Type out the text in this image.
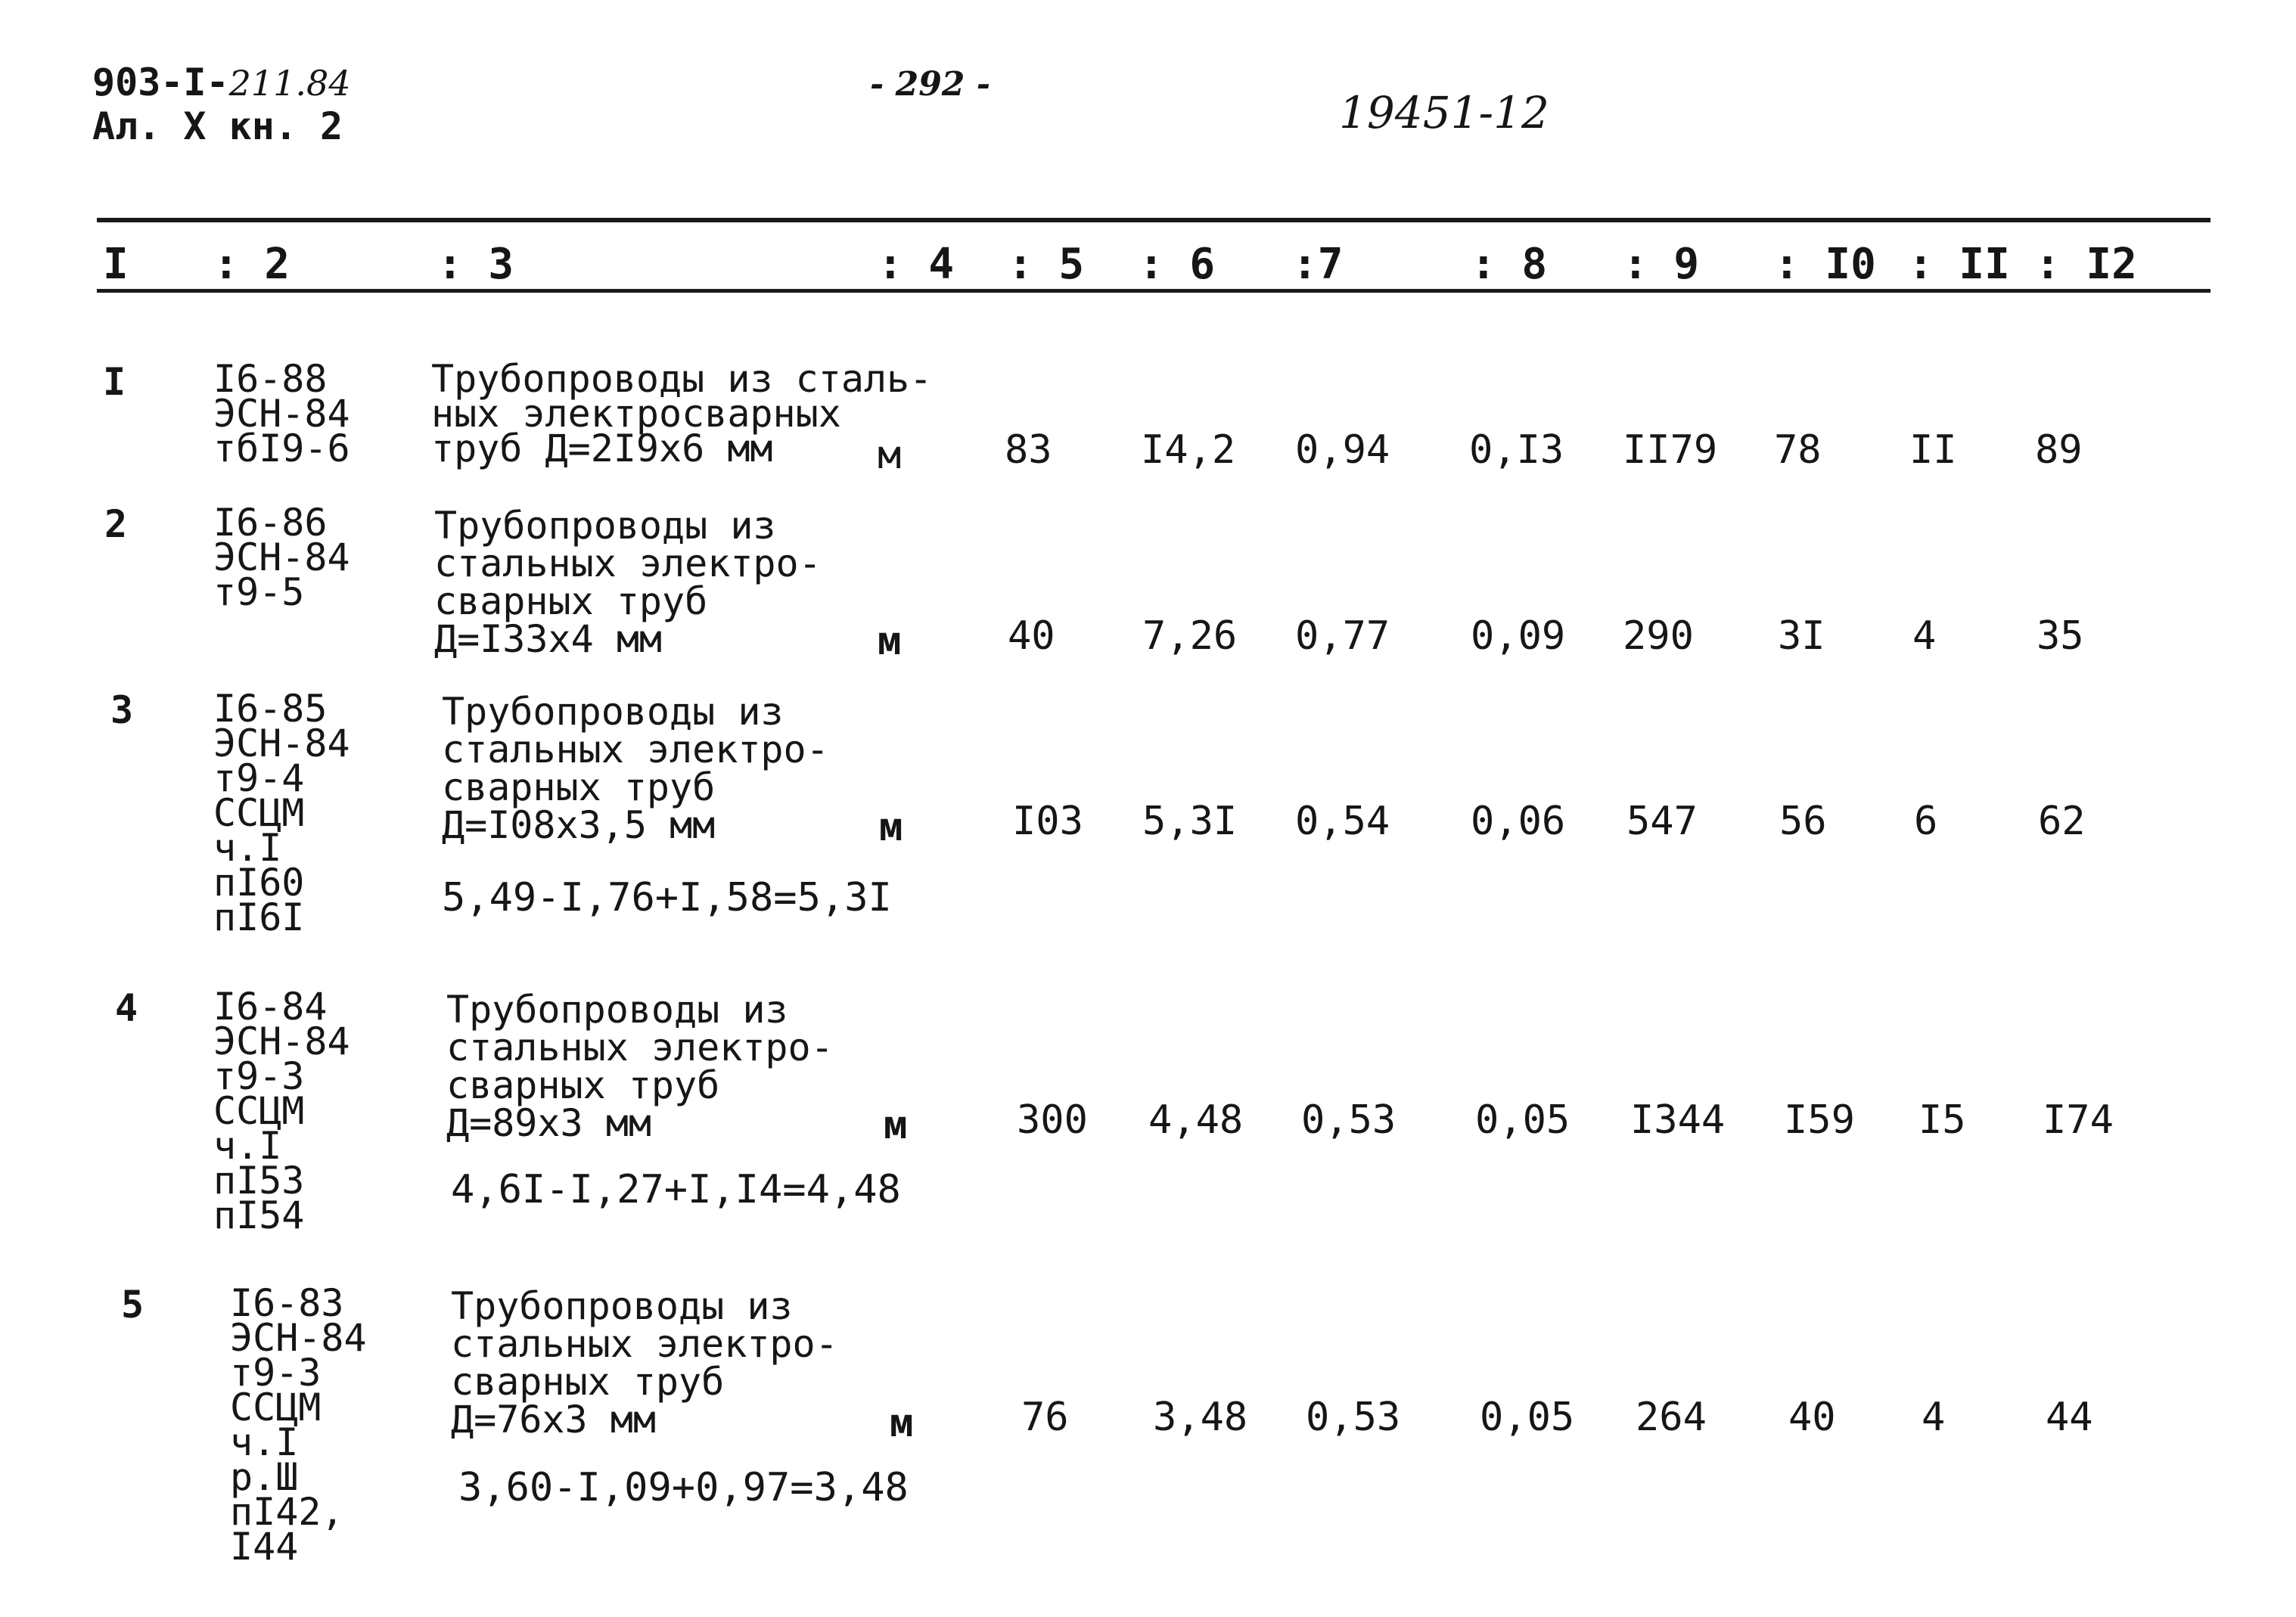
903-I-211.84
Ал. X кн. 2
- 292 -
19451-12
I : 2	: 3	: 4 : 5 : 6 :7	: 8 : 9 : I0 : II : I2
I I6-88
ЭСН-84
тбI9-6
Трубопроводы из сталь-
ных электросварных
труб Д=2I9х6 мм	м	83 I4,2 0,94 0,I3 II79 78 II 89
2 I6-86
ЭСН-84
т9-5
Трубопроводы из
стальных электро-
сварных труб
Д=I33х4 мм	м	40 7,26 0,77 0,09 290 3I 4	35
3 I6-85
ЭСН-84
т9-4
ССЦМ
ч.I
пI60
пI6I
Трубопроводы из
стальных электро-
сварных труб
Д=I08х3,5 мм
5,49-I,76+I,58=5,3I
м	I03 5,3I 0,54 0,06 547 56 6	62
4 I6-84
ЭСН-84
т9-3
ССЦМ
ч.I
пI53
пI54
Трубопроводы из
стальных электро-
сварных труб
Д=89х3 мм
4,6I-I,27+I,I4=4,48
м	300 4,48 0,53 0,05 I344 I59 I5 I74
5 I6-83
ЭСН-84
т9-3
ССЦМ
ч.I
р.Ш
пI42,
I44
Трубопроводы из
стальных электро-
сварных труб
Д=76х3 мм
3,60-I,09+0,97=3,48
м	76 3,48 0,53 0,05 264 40 4	44
